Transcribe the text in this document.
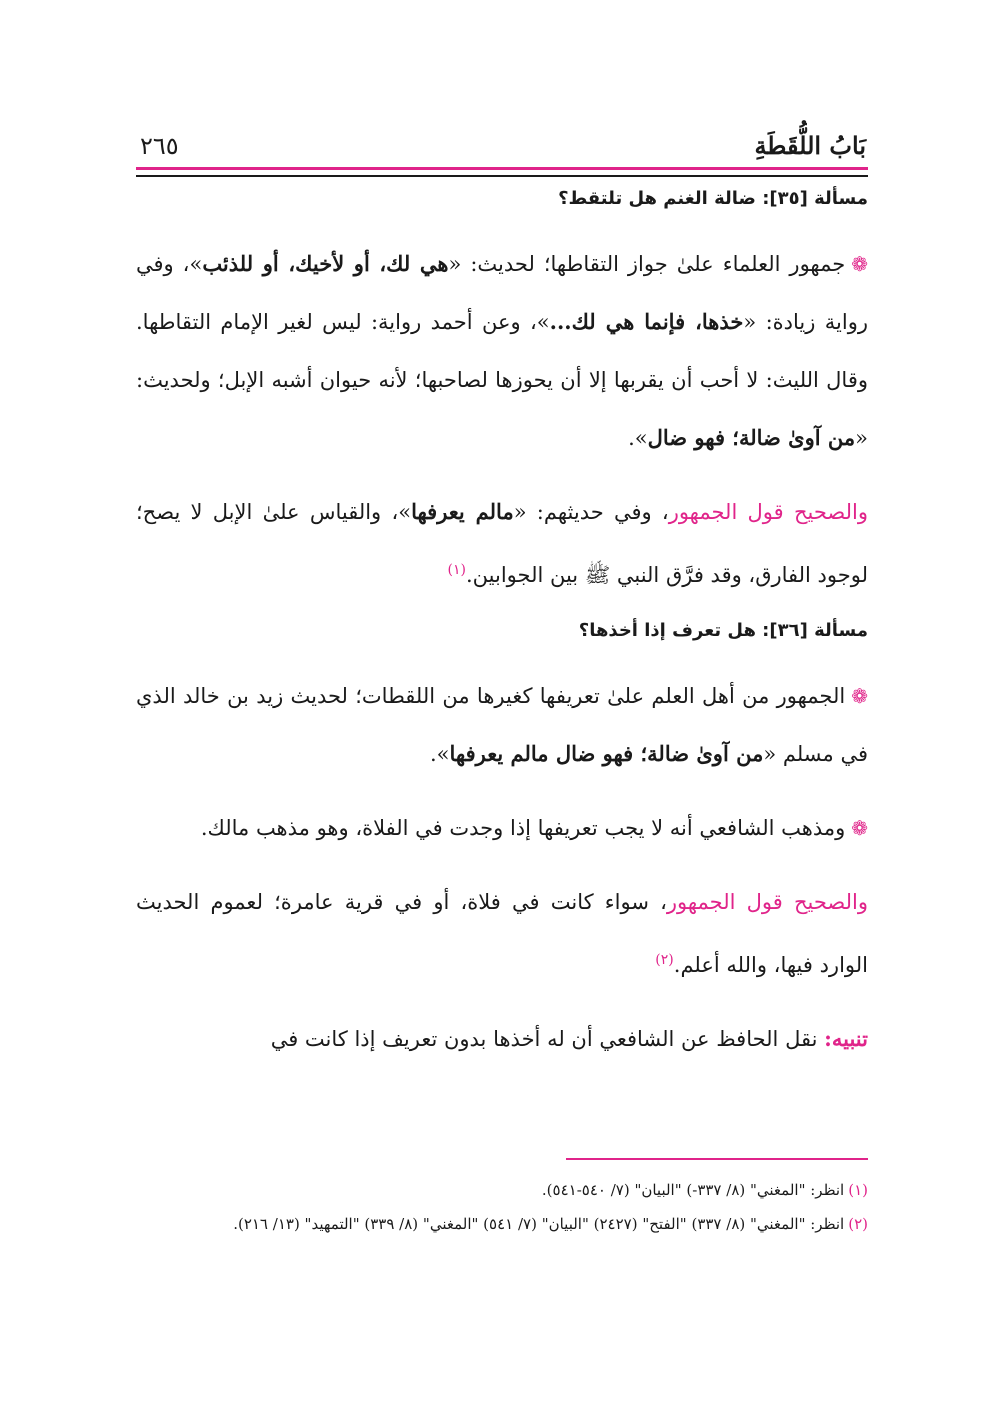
٢٦٥	بَابُ اللُّقَطَةِ
مسألة [٣٥]: ضالة الغنم هل تلتقط؟

❁جمهور العلماء علىٰ جواز التقاطها؛ لحديث: «هي لك، أو لأخيك، أو للذئب»، وفي رواية زيادة: «خذها، فإنما هي لك...»، وعن أحمد رواية: ليس لغير الإمام التقاطها. وقال الليث: لا أحب أن يقربها إلا أن يحوزها لصاحبها؛ لأنه حيوان أشبه الإبل؛ ولحديث: «من آوىٰ ضالة؛ فهو ضال».

والصحيح قول الجمهور، وفي حديثهم: «مالم يعرفها»، والقياس علىٰ الإبل لا يصح؛ لوجود الفارق، وقد فرَّق النبي ﷺ بين الجوابين.$^{(١)}$

مسألة [٣٦]: هل تعرف إذا أخذها؟

❁الجمهور من أهل العلم علىٰ تعريفها كغيرها من اللقطات؛ لحديث زيد بن خالد الذي في مسلم «من آوىٰ ضالة؛ فهو ضال مالم يعرفها».

❁ومذهب الشافعي أنه لا يجب تعريفها إذا وجدت في الفلاة، وهو مذهب مالك.

والصحيح قول الجمهور، سواء كانت في فلاة، أو في قرية عامرة؛ لعموم الحديث الوارد فيها، والله أعلم.$^{(٢)}$

تنبيه: نقل الحافظ عن الشافعي أن له أخذها بدون تعريف إذا كانت في

(١)انظر: "المغني" (٨/ ٣٣٧-) "البيان" (٧/ ٥٤٠-٥٤١).

(٢)انظر: "المغني" (٨/ ٣٣٧) "الفتح" (٢٤٢٧) "البيان" (٧/ ٥٤١) "المغني" (٨/ ٣٣٩) "التمهيد" (١٣/ ٢١٦).
